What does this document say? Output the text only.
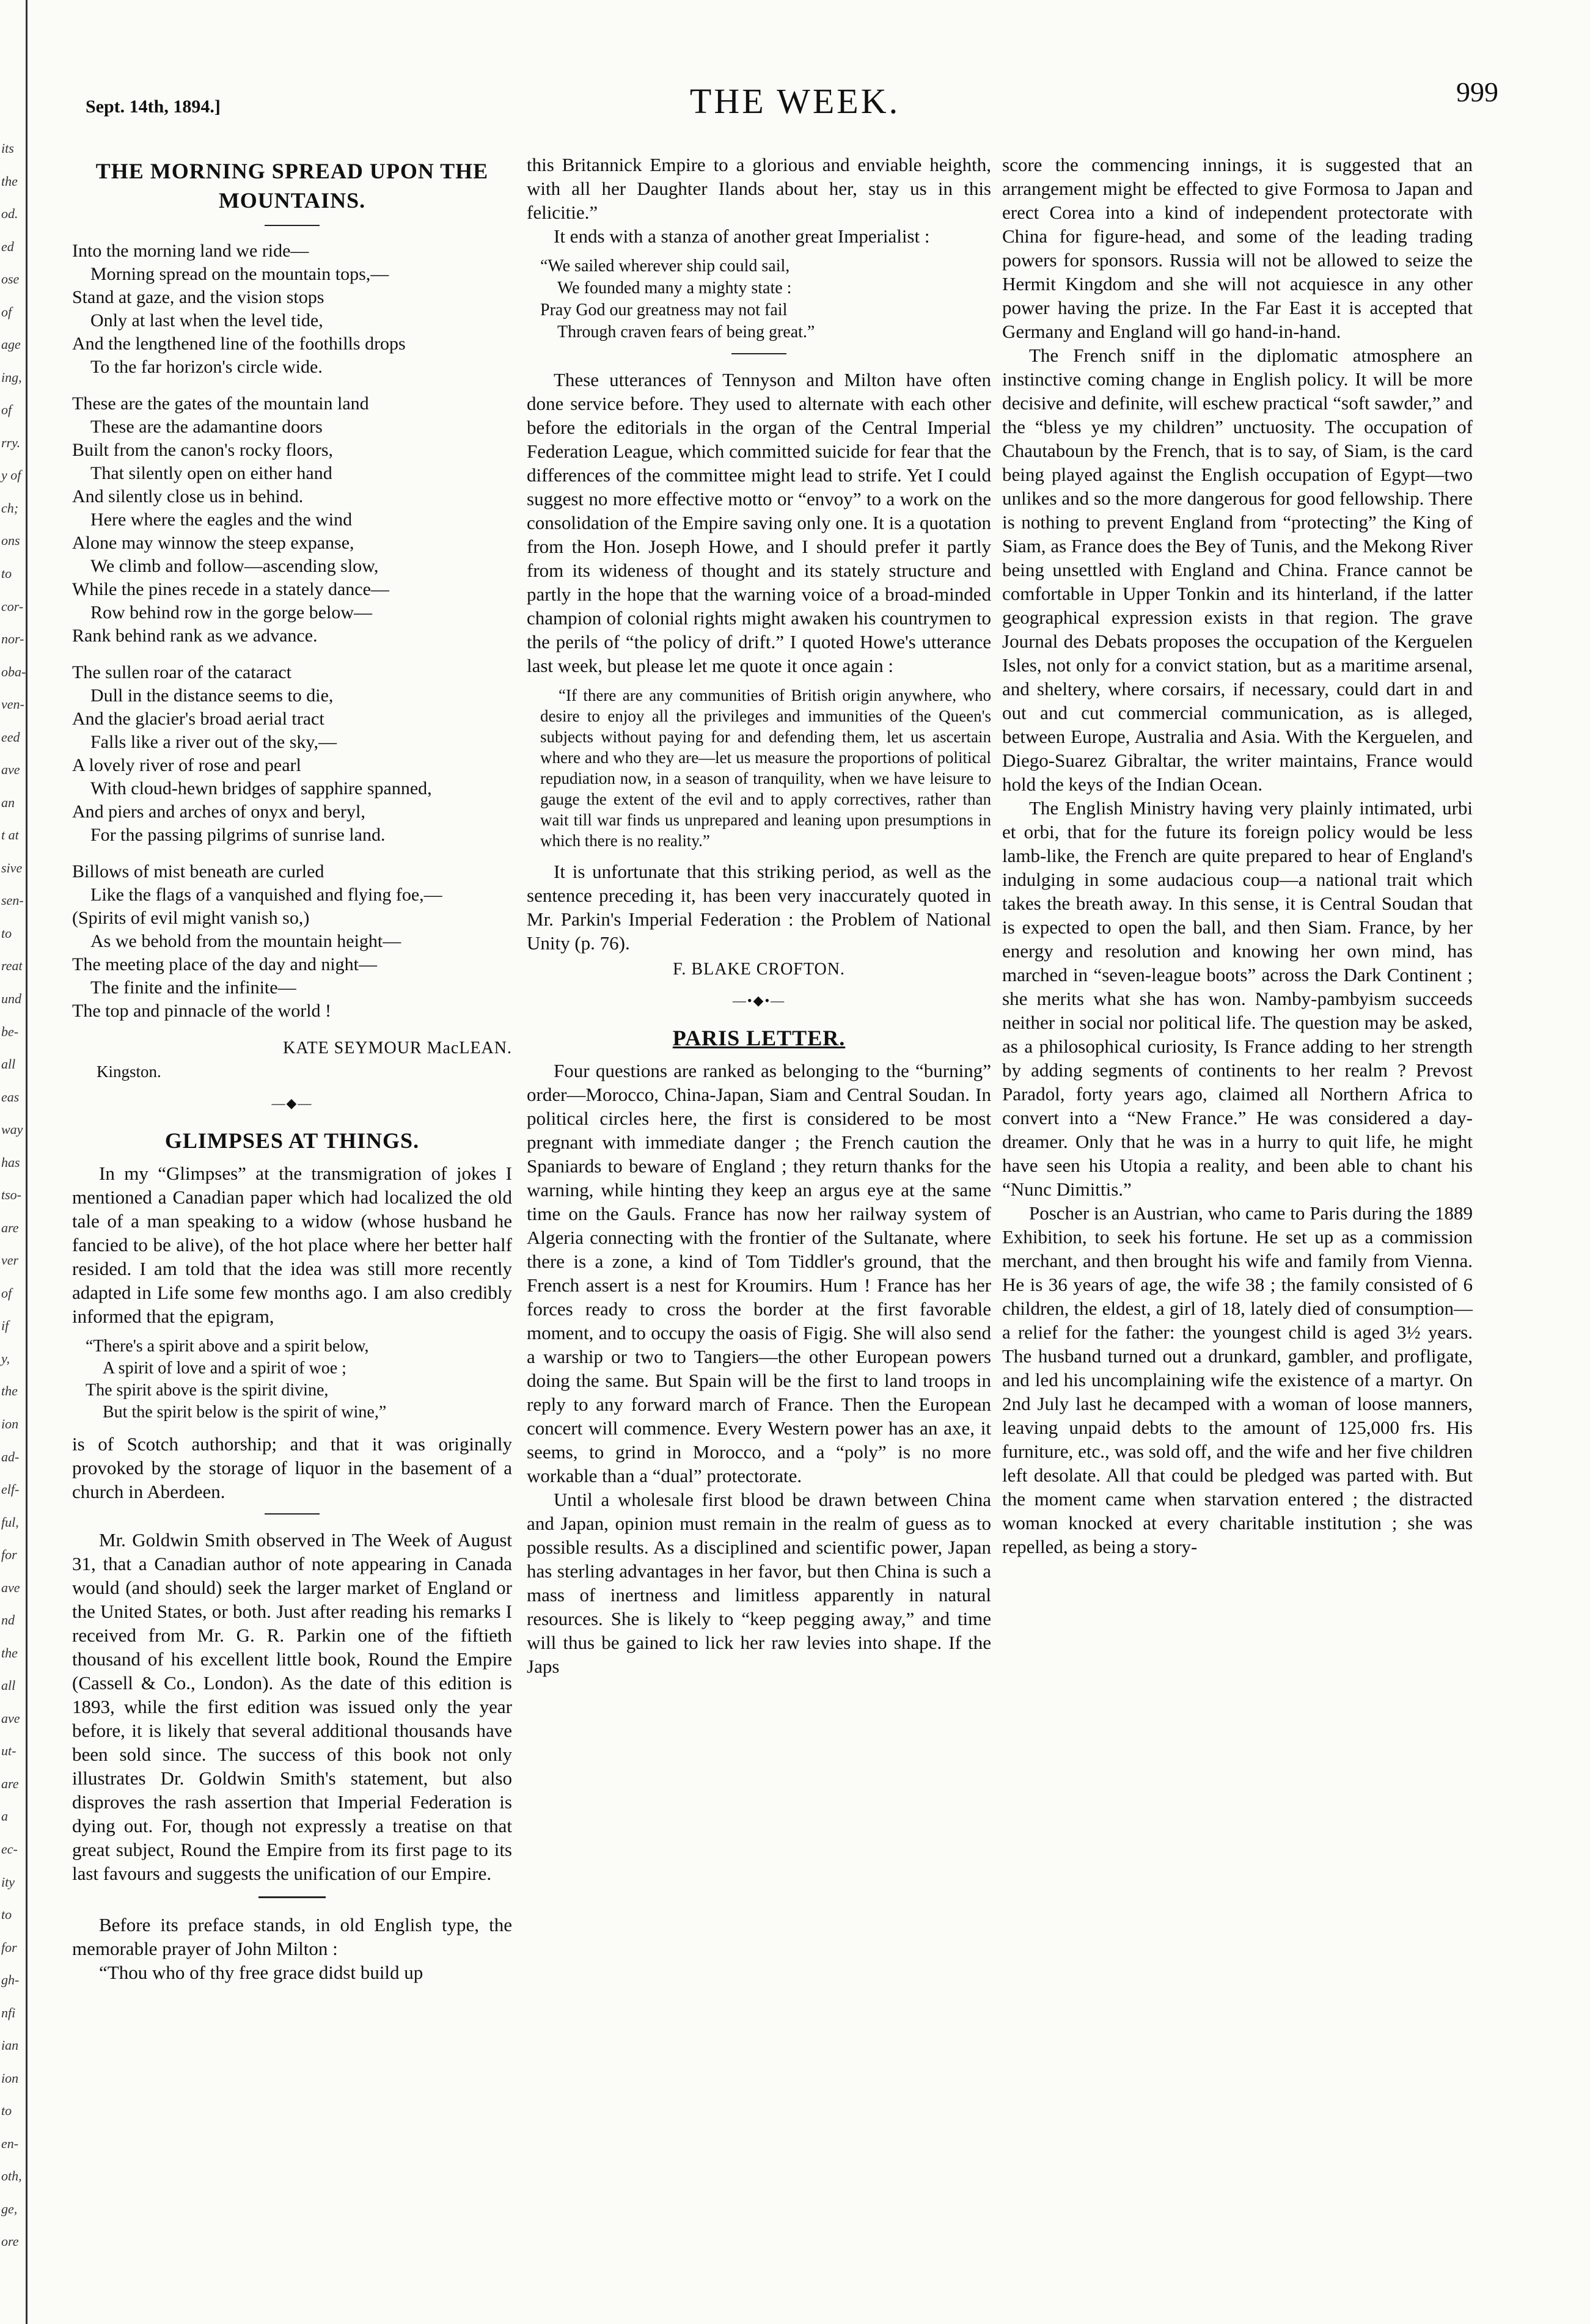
its
the
od.
ed
ose
of
age
ing,
of
rry.
y of
ch;
ons
to
cor-
nor-
oba-
ven-
eed
ave
an
t at
sive
sen-
to
reat
und
be-
all
eas
way
has
tso-
are
ver
of
if
y,
the
ion
ad-
elf-
ful,
for
ave
nd
the
all
ave
ut-
are
a
ec-
ity
to
for
gh-
nfi
ian
ion
to
en-
oth,
ge,
ore
Sept. 14th, 1894.]	THE WEEK.	999
THE MORNING SPREAD UPON THE MOUNTAINS.
Into the morning land we ride—
Morning spread on the mountain tops,—
Stand at gaze, and the vision stops
Only at last when the level tide,
And the lengthened line of the foothills drops
To the far horizon's circle wide.
These are the gates of the mountain land
These are the adamantine doors
Built from the canon's rocky floors,
That silently open on either hand
And silently close us in behind.
Here where the eagles and the wind
Alone may winnow the steep expanse,
We climb and follow—ascending slow,
While the pines recede in a stately dance—
Row behind row in the gorge below—
Rank behind rank as we advance.
The sullen roar of the cataract
Dull in the distance seems to die,
And the glacier's broad aerial tract
Falls like a river out of the sky,—
A lovely river of rose and pearl
With cloud-hewn bridges of sapphire spanned,
And piers and arches of onyx and beryl,
For the passing pilgrims of sunrise land.
Billows of mist beneath are curled
Like the flags of a vanquished and flying foe,—
(Spirits of evil might vanish so,)
As we behold from the mountain height—
The meeting place of the day and night—
The finite and the infinite—
The top and pinnacle of the world !
KATE SEYMOUR MacLEAN.
Kingston.
—◆—
GLIMPSES AT THINGS.

In my “Glimpses” at the transmigration of jokes I mentioned a Canadian paper which had localized the old tale of a man speaking to a widow (whose husband he fancied to be alive), of the hot place where her better half resided. I am told that the idea was still more recently adapted in Life some few months ago. I am also credibly informed that the epigram,

“There's a spirit above and a spirit below,
A spirit of love and a spirit of woe ;
The spirit above is the spirit divine,
But the spirit below is the spirit of wine,”

is of Scotch authorship; and that it was originally provoked by the storage of liquor in the basement of a church in Aberdeen.

Mr. Goldwin Smith observed in The Week of August 31, that a Canadian author of note appearing in Canada would (and should) seek the larger market of England or the United States, or both. Just after reading his remarks I received from Mr. G. R. Parkin one of the fiftieth thousand of his excellent little book, Round the Empire (Cassell & Co., London). As the date of this edition is 1893, while the first edition was issued only the year before, it is likely that several additional thousands have been sold since. The success of this book not only illustrates Dr. Goldwin Smith's statement, but also disproves the rash assertion that Imperial Federation is dying out. For, though not expressly a treatise on that great subject, Round the Empire from its first page to its last favours and suggests the unification of our Empire.

Before its preface stands, in old English type, the memorable prayer of John Milton :

“Thou who of thy free grace didst build up

this Britannick Empire to a glorious and enviable heighth, with all her Daughter Ilands about her, stay us in this felicitie.”

It ends with a stanza of another great Imperialist :

“We sailed wherever ship could sail,
We founded many a mighty state :
Pray God our greatness may not fail
Through craven fears of being great.”

These utterances of Tennyson and Milton have often done service before. They used to alternate with each other before the editorials in the organ of the Central Imperial Federation League, which committed suicide for fear that the differences of the committee might lead to strife. Yet I could suggest no more effective motto or “envoy” to a work on the consolidation of the Empire saving only one. It is a quotation from the Hon. Joseph Howe, and I should prefer it partly from its wideness of thought and its stately structure and partly in the hope that the warning voice of a broad-minded champion of colonial rights might awaken his countrymen to the perils of “the policy of drift.” I quoted Howe's utterance last week, but please let me quote it once again :

“If there are any communities of British origin anywhere, who desire to enjoy all the privileges and immunities of the Queen's subjects without paying for and defending them, let us ascertain where and who they are—let us measure the proportions of political repudiation now, in a season of tranquility, when we have leisure to gauge the extent of the evil and to apply correctives, rather than wait till war finds us unprepared and leaning upon presumptions in which there is no reality.”

It is unfortunate that this striking period, as well as the sentence preceding it, has been very inaccurately quoted in Mr. Parkin's Imperial Federation : the Problem of National Unity (p. 76).

F. BLAKE CROFTON.
—•◆•—
PARIS LETTER.

Four questions are ranked as belonging to the “burning” order—Morocco, China-Japan, Siam and Central Soudan. In political circles here, the first is considered to be most pregnant with immediate danger ; the French caution the Spaniards to beware of England ; they return thanks for the warning, while hinting they keep an argus eye at the same time on the Gauls. France has now her railway system of Algeria connecting with the frontier of the Sultanate, where there is a zone, a kind of Tom Tiddler's ground, that the French assert is a nest for Kroumirs. Hum ! France has her forces ready to cross the border at the first favorable moment, and to occupy the oasis of Figig. She will also send a warship or two to Tangiers—the other European powers doing the same. But Spain will be the first to land troops in reply to any forward march of France. Then the European concert will commence. Every Western power has an axe, it seems, to grind in Morocco, and a “poly” is no more workable than a “dual” protectorate.

Until a wholesale first blood be drawn between China and Japan, opinion must remain in the realm of guess as to possible results. As a disciplined and scientific power, Japan has sterling advantages in her favor, but then China is such a mass of inertness and limitless apparently in natural resources. She is likely to “keep pegging away,” and time will thus be gained to lick her raw levies into shape. If the Japs

score the commencing innings, it is suggested that an arrangement might be effected to give Formosa to Japan and erect Corea into a kind of independent protectorate with China for figure-head, and some of the leading trading powers for sponsors. Russia will not be allowed to seize the Hermit Kingdom and she will not acquiesce in any other power having the prize. In the Far East it is accepted that Germany and England will go hand-in-hand.

The French sniff in the diplomatic atmosphere an instinctive coming change in English policy. It will be more decisive and definite, will eschew practical “soft sawder,” and the “bless ye my children” unctuosity. The occupation of Chautaboun by the French, that is to say, of Siam, is the card being played against the English occupation of Egypt—two unlikes and so the more dangerous for good fellowship. There is nothing to prevent England from “protecting” the King of Siam, as France does the Bey of Tunis, and the Mekong River being unsettled with England and China. France cannot be comfortable in Upper Tonkin and its hinterland, if the latter geographical expression exists in that region. The grave Journal des Debats proposes the occupation of the Kerguelen Isles, not only for a convict station, but as a maritime arsenal, and sheltery, where corsairs, if necessary, could dart in and out and cut commercial communication, as is alleged, between Europe, Australia and Asia. With the Kerguelen, and Diego-Suarez Gibraltar, the writer maintains, France would hold the keys of the Indian Ocean.

The English Ministry having very plainly intimated, urbi et orbi, that for the future its foreign policy would be less lamb-like, the French are quite prepared to hear of England's indulging in some audacious coup—a national trait which takes the breath away. In this sense, it is Central Soudan that is expected to open the ball, and then Siam. France, by her energy and resolution and knowing her own mind, has marched in “seven-league boots” across the Dark Continent ; she merits what she has won. Namby-pambyism succeeds neither in social nor political life. The question may be asked, as a philosophical curiosity, Is France adding to her strength by adding segments of continents to her realm ? Prevost Paradol, forty years ago, claimed all Northern Africa to convert into a “New France.” He was considered a day-dreamer. Only that he was in a hurry to quit life, he might have seen his Utopia a reality, and been able to chant his “Nunc Dimittis.”

Poscher is an Austrian, who came to Paris during the 1889 Exhibition, to seek his fortune. He set up as a commission merchant, and then brought his wife and family from Vienna. He is 36 years of age, the wife 38 ; the family consisted of 6 children, the eldest, a girl of 18, lately died of consumption—a relief for the father: the youngest child is aged 3½ years. The husband turned out a drunkard, gambler, and profligate, and led his uncomplaining wife the existence of a martyr. On 2nd July last he decamped with a woman of loose manners, leaving unpaid debts to the amount of 125,000 frs. His furniture, etc., was sold off, and the wife and her five children left desolate. All that could be pledged was parted with. But the moment came when starvation entered ; the distracted woman knocked at every charitable institution ; she was repelled, as being a story-
